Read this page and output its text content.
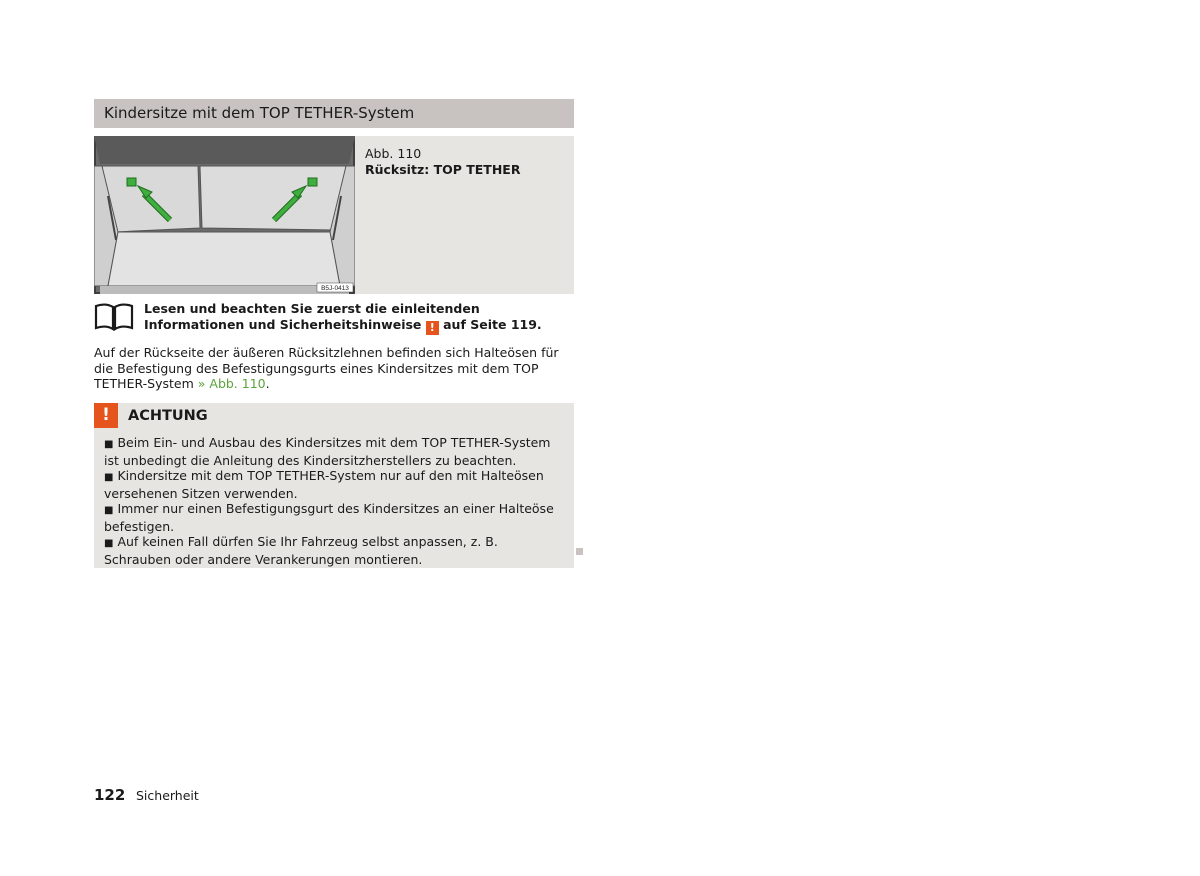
Kindersitze mit dem TOP TETHER-System
B5J-0413
Abb. 110
Rücksitz: TOP TETHER
Lesen und beachten Sie zuerst die einleitenden Informationen und Sicherheitshinweise ! auf Seite 119.
Auf der Rückseite der äußeren Rücksitzlehnen befinden sich Halteösen für die Befestigung des Befestigungsgurts eines Kindersitzes mit dem TOP TETHER-System » Abb. 110.
!	ACHTUNG
■ Beim Ein- und Ausbau des Kindersitzes mit dem TOP TETHER-System ist unbedingt die Anleitung des Kindersitzherstellers zu beachten.
■ Kindersitze mit dem TOP TETHER-System nur auf den mit Halteösen versehenen Sitzen verwenden.
■ Immer nur einen Befestigungsgurt des Kindersitzes an einer Halteöse befestigen.
■ Auf keinen Fall dürfen Sie Ihr Fahrzeug selbst anpassen, z. B. Schrauben oder andere Verankerungen montieren.
122 Sicherheit
